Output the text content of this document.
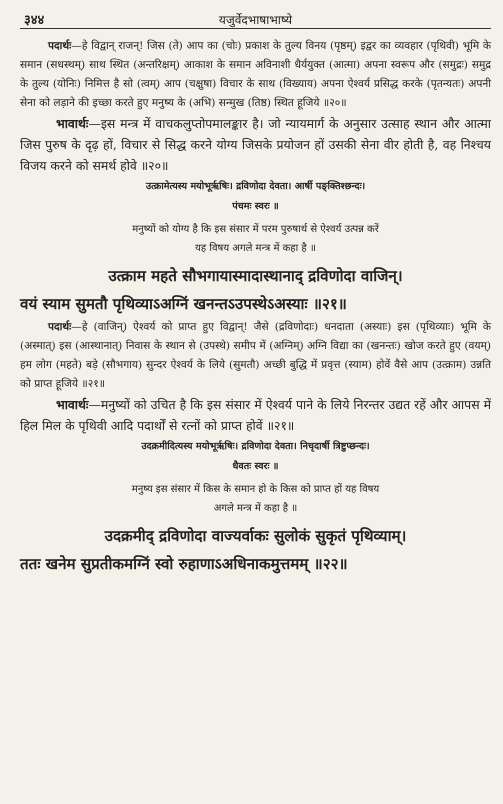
३४४	यजुर्वेदभाषाभाष्ये

पदार्थः—हे विद्वान् राजन्! जिस (ते) आप का (चोः) प्रकाश के तुल्य विनय (पृष्ठम्) इद्वर का व्यवहार (पृथिवी) भूमि के समान (सधस्थम्) साथ स्थित (अन्तरिक्षम्) आकाश के समान अविनाशी धैर्ययुक्त (आत्मा) अपना स्वरूप और (समुद्रः) समुद्र के तुल्य (योनिः) निमित्त है सो (त्वम्) आप (चक्षुषा) विचार के साथ (विख्याय) अपना ऐश्वर्य प्रसिद्ध करके (पृतन्यतः) अपनी सेना को लड़ाने की इच्छा करते हुए मनुष्य के (अभि) सन्मुख (तिष्ठ) स्थित हूजिये ॥२०॥

भावार्थः—इस मन्त्र में वाचकलुप्तोपमालङ्कार है। जो न्यायमार्ग के अनुसार उत्साह स्थान और आत्मा जिस पुरुष के दृढ़ हों, विचार से सिद्ध करने योग्य जिसके प्रयोजन हों उसकी सेना वीर होती है, वह निश्चय विजय करने को समर्थ होवे ॥२०॥

उत्क्रामेत्यस्य मयोभूर्ऋषिः। द्रविणोदा देवता। आर्षी पङ्क्तिश्छन्दः।

पंचमः स्वरः ॥

मनुष्यों को योग्य है कि इस संसार में परम पुरुषार्थ से ऐश्वर्य उत्पन्न करें
यह विषय अगले मन्त्र में कहा है ॥

उत्क्राम महते सौभगायास्मादास्थानाद् द्रविणोदा वाजिन्।

वयं स्याम सुमतौ पृथिव्याऽअग्निं खनन्तऽउपस्थेऽअस्याः ॥२१॥

पदार्थः—हे (वाजिन्) ऐश्वर्य को प्राप्त हुए विद्वान्! जैसे (द्रविणोदाः) धनदाता (अस्याः) इस (पृथिव्याः) भूमि के (अस्मात्) इस (आस्थानात्) निवास के स्थान से (उपस्थे) समीप में (अग्निम्) अग्नि विद्या का (खनन्तः) खोज करते हुए (वयम्) हम लोग (महते) बड़े (सौभगाय) सुन्दर ऐश्वर्य के लिये (सुमतौ) अच्छी बुद्धि में प्रवृत्त (स्याम) होवें वैसे आप (उत्क्राम) उन्नति को प्राप्त हूजिये ॥२१॥

भावार्थः—मनुष्यों को उचित है कि इस संसार में ऐश्वर्य पाने के लिये निरन्तर उद्यत रहें और आपस में हिल मिल के पृथिवी आदि पदार्थों से रत्नों को प्राप्त होवें ॥२१॥

उदक्रमीदित्यस्य मयोभूर्ऋषिः। द्रविणोदा देवता। निचृदार्षी त्रिष्टुप्छन्दः।

धैवतः स्वरः ॥

मनुष्य इस संसार में किस के समान हो के किस को प्राप्त हों यह विषय
अगले मन्त्र में कहा है ॥

उदक्रमीद् द्रविणोदा वाज्यर्वाकः सुलोकं सुकृतं पृथिव्याम्।

ततः खनेम सुप्रतीकमग्निं स्वो रुहाणाऽअधिनाकमुत्तमम् ॥२२॥
